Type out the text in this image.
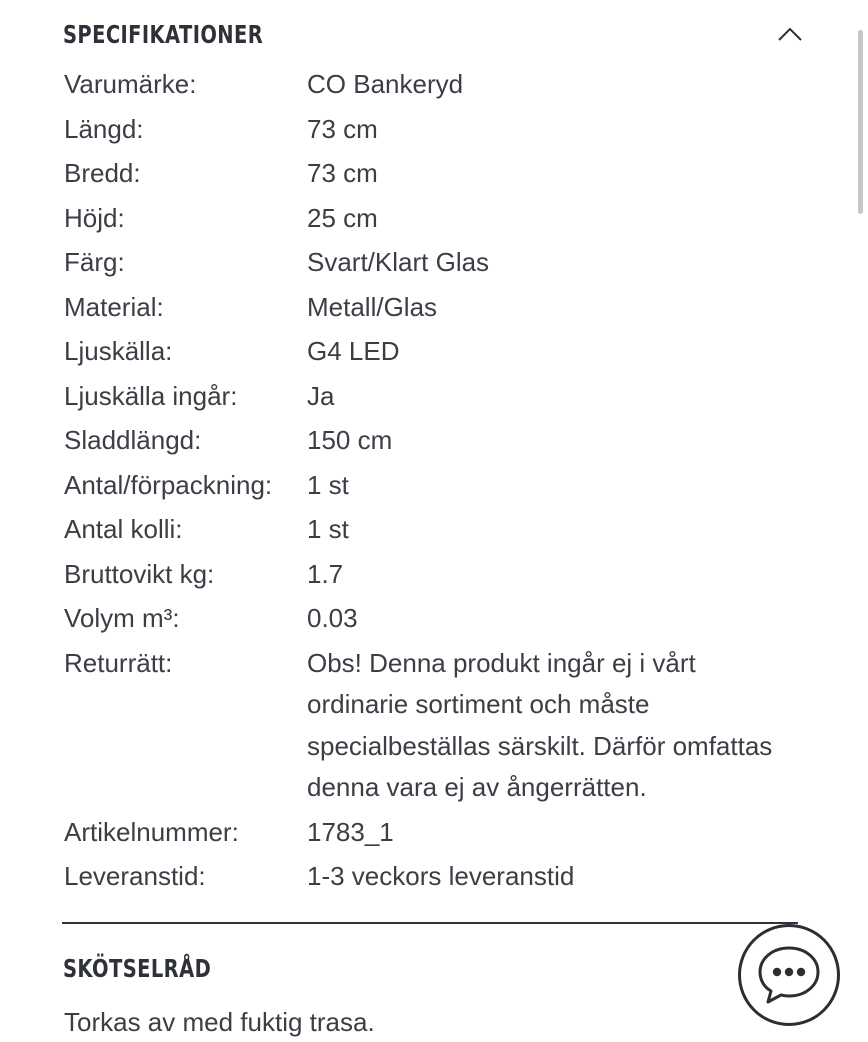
SPECIFIKATIONER
Varumärke:	CO Bankeryd
Längd:	73 cm
Bredd:	73 cm
Höjd:	25 cm
Färg:	Svart/Klart Glas
Material:	Metall/Glas
Ljuskälla:	G4 LED
Ljuskälla ingår:	Ja
Sladdlängd:	150 cm
Antal/förpackning:	1 st
Antal kolli:	1 st
Bruttovikt kg:	1.7
Volym m³:	0.03
Returrätt:	Obs! Denna produkt ingår ej i vårt ordinarie sortiment och måste specialbeställas särskilt. Därför omfattas denna vara ej av ångerrätten.
Artikelnummer:	1783_1
Leveranstid:	1-3 veckors leveranstid
SKÖTSELRÅD
Torkas av med fuktig trasa.
